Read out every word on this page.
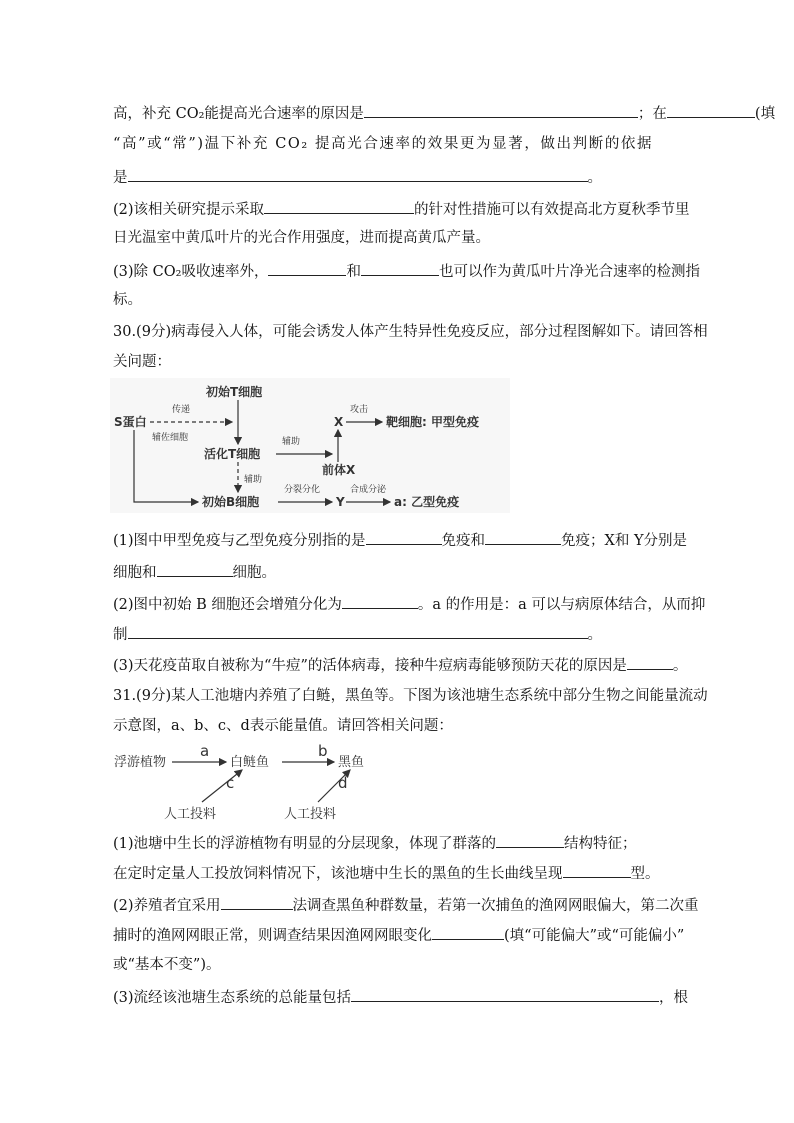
高，补充 CO₂能提高光合速率的原因是	；在	(填
“高”或“常”)温下补充 CO₂ 提高光合速率的效果更为显著，做出判断的依据
是	。
(2)该相关研究提示采取	的针对性措施可以有效提高北方夏秋季节里
日光温室中黄瓜叶片的光合作用强度，进而提高黄瓜产量。
(3)除 CO₂吸收速率外，	和	也可以作为黄瓜叶片净光合速率的检测指
标。
30.(9分)病毒侵入人体，可能会诱发人体产生特异性免疫反应，部分过程图解如下。请回答相
关问题：
S蛋白
初始T细胞
活化T细胞
初始B细胞
X	靶细胞: 甲型免疫
前体X
Y	a: 乙型免疫
传递
辅佐细胞
攻击
辅助
辅助
分裂分化	合成分泌
(1)图中甲型免疫与乙型免疫分别指的是	免疫和	免疫；X和 Y分别是
细胞和	细胞。
(2)图中初始 B 细胞还会增殖分化为	。a 的作用是：a 可以与病原体结合，从而抑
制	。
(3)天花疫苗取自被称为“牛痘”的活体病毒，接种牛痘病毒能够预防天花的原因是	。
31.(9分)某人工池塘内养殖了白鲢，黑鱼等。下图为该池塘生态系统中部分生物之间能量流动
示意图，a、b、c、d表示能量值。请回答相关问题：
浮游植物	白鲢鱼	黑鱼
人工投料	人工投料
a	b
c	d
(1)池塘中生长的浮游植物有明显的分层现象，体现了群落的	结构特征；
在定时定量人工投放饲料情况下，该池塘中生长的黑鱼的生长曲线呈现	型。
(2)养殖者宜采用	法调查黑鱼种群数量，若第一次捕鱼的渔网网眼偏大，第二次重
捕时的渔网网眼正常，则调查结果因渔网网眼变化	(填“可能偏大”或“可能偏小”
或“基本不变”)。
(3)流经该池塘生态系统的总能量包括	，根
